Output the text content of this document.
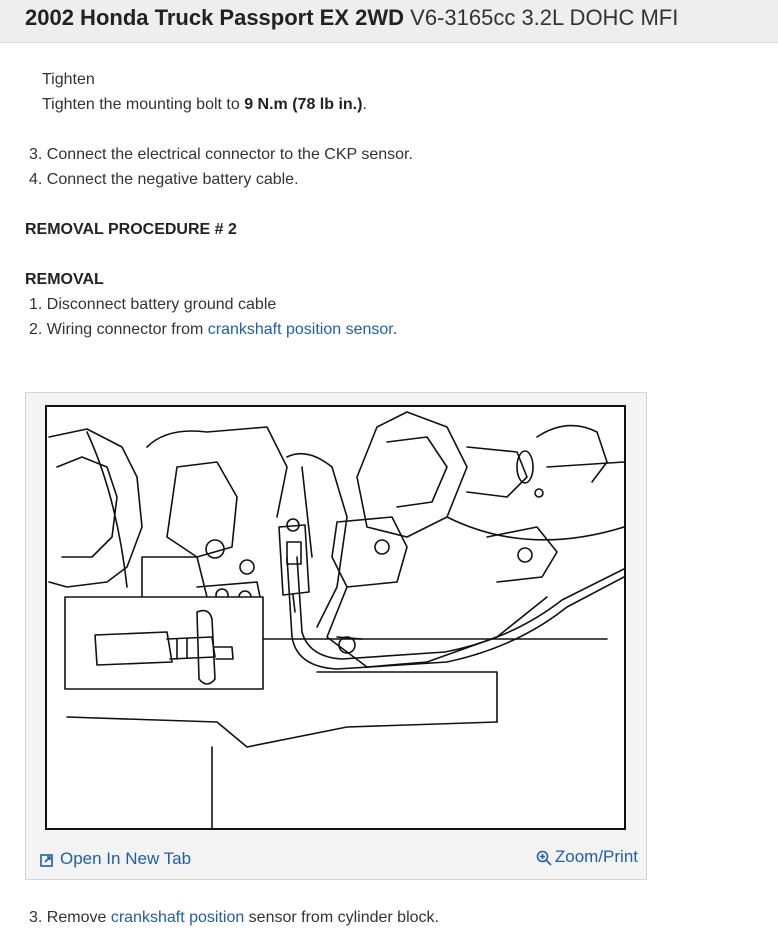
2002 Honda Truck Passport EX 2WD V6-3165cc 3.2L DOHC MFI
Tighten
Tighten the mounting bolt to 9 N.m (78 lb in.).
3. Connect the electrical connector to the CKP sensor.
4. Connect the negative battery cable.
REMOVAL PROCEDURE # 2
REMOVAL
1. Disconnect battery ground cable
2. Wiring connector from crankshaft position sensor.
Open In New Tab	Zoom/Print
3. Remove crankshaft position sensor from cylinder block.
